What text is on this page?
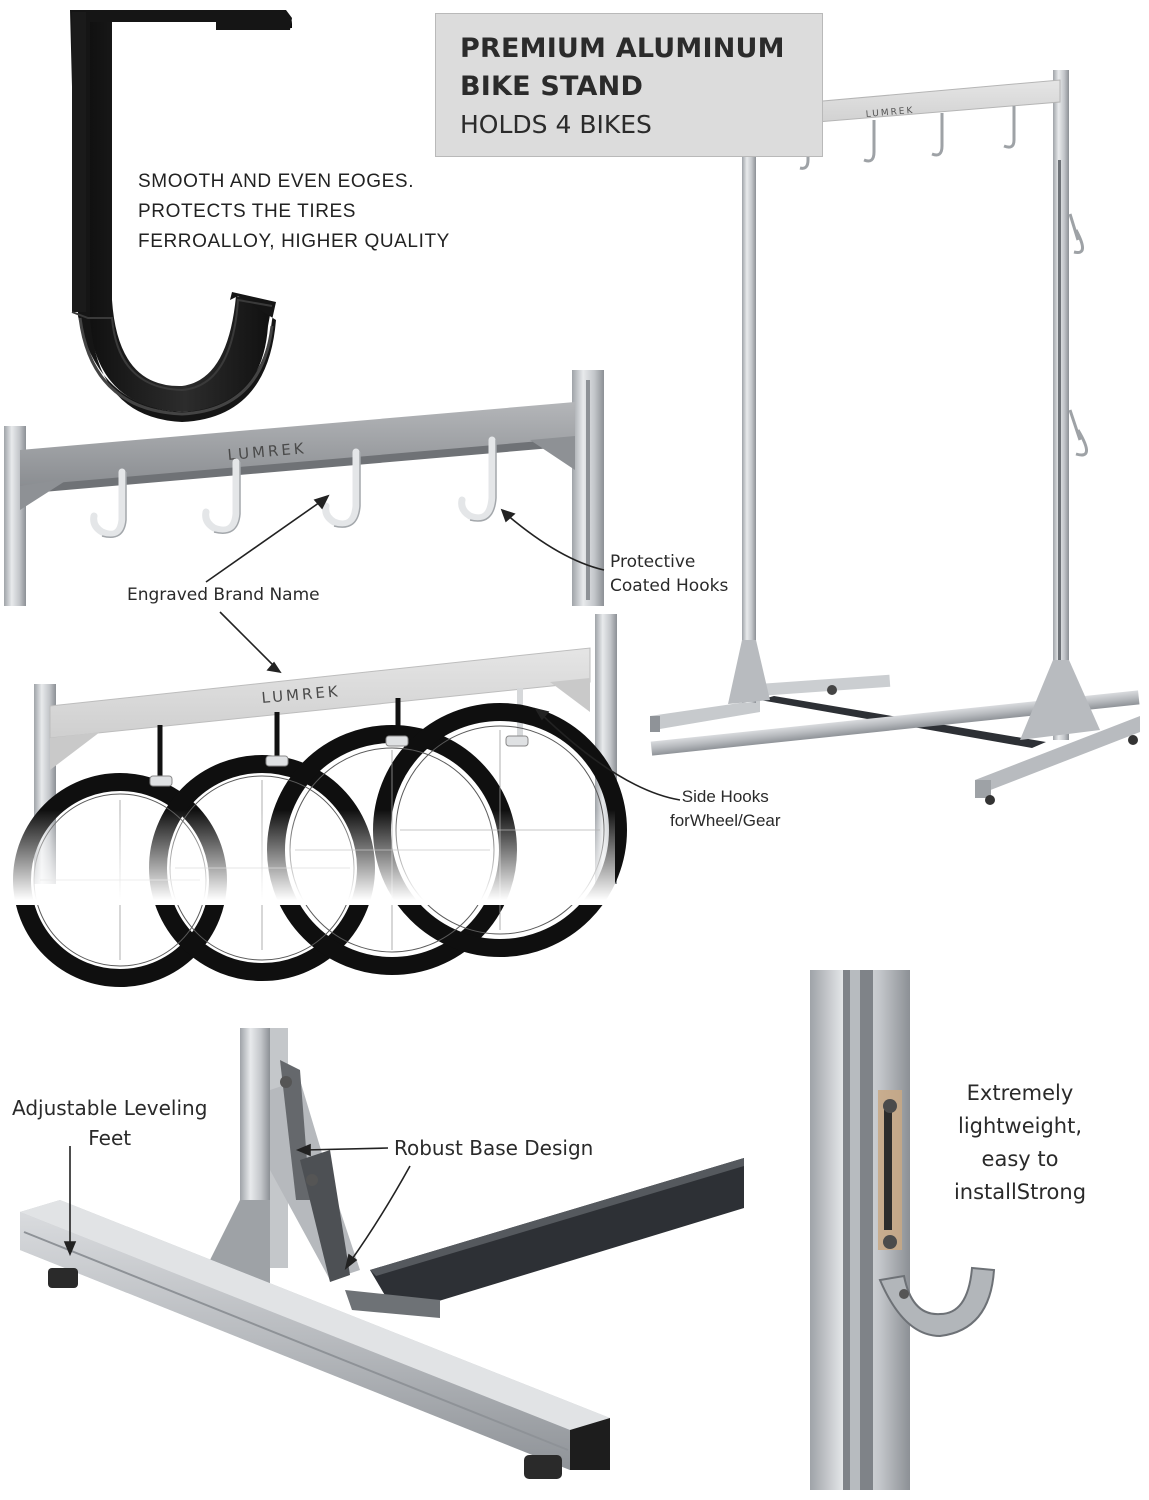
LUMREK
LUMREK
LUMREK
PREMIUM ALUMINUM
BIKE STAND
HOLDS 4 BIKES
SMOOTH AND EVEN EOGES.
PROTECTS THE TIRES
FERROALLOY, HIGHER QUALITY
Protective
Coated Hooks
Engraved Brand Name
Side Hooks
forWheel/Gear
Adjustable Leveling
Feet	Robust Base Design
Extremely
lightweight,
easy to
installStrong
